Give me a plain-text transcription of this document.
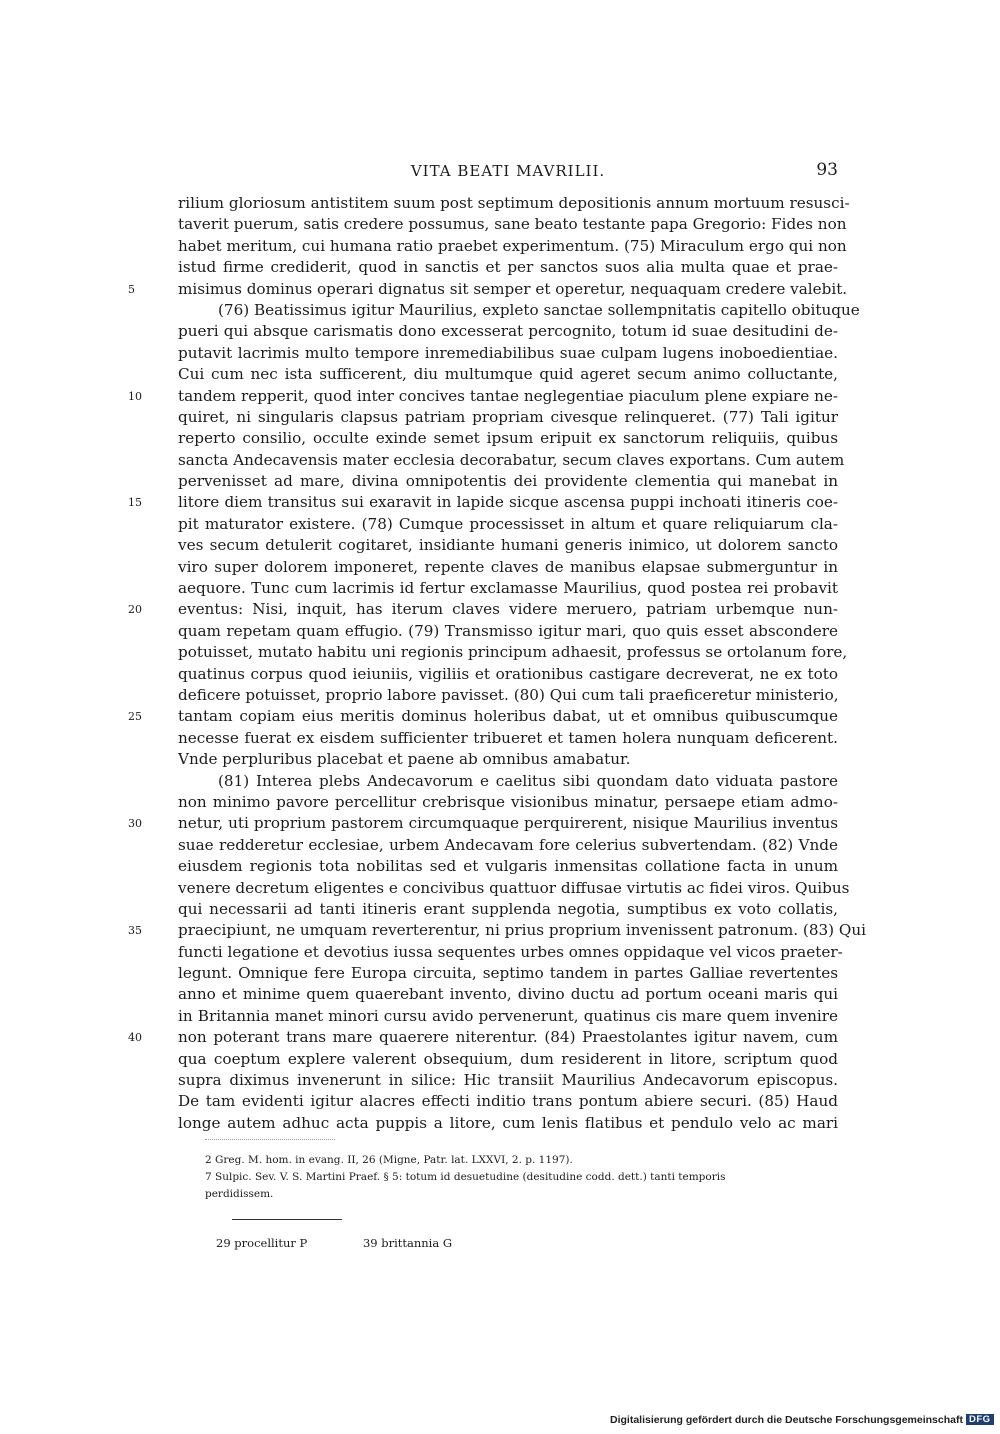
VITA BEATI MAVRILII.	93
rilium gloriosum antistitem suum post septimum depositionis annum mortuum resusci-
taverit puerum, satis credere possumus, sane beato testante papa Gregorio: Fides non
habet meritum, cui humana ratio praebet experimentum. (75) Miraculum ergo qui non
istud firme crediderit, quod in sanctis et per sanctos suos alia multa quae et prae-
5	misimus dominus operari dignatus sit semper et operetur, nequaquam credere valebit.
(76) Beatissimus igitur Maurilius, expleto sanctae sollempnitatis capitello obituque
pueri qui absque carismatis dono excesserat percognito, totum id suae desitudini de-
putavit lacrimis multo tempore inremediabilibus suae culpam lugens inoboedientiae.
Cui cum nec ista sufficerent, diu multumque quid ageret secum animo colluctante,
10	tandem repperit, quod inter concives tantae neglegentiae piaculum plene expiare ne-
quiret, ni singularis clapsus patriam propriam civesque relinqueret. (77) Tali igitur
reperto consilio, occulte exinde semet ipsum eripuit ex sanctorum reliquiis, quibus
sancta Andecavensis mater ecclesia decorabatur, secum claves exportans. Cum autem
pervenisset ad mare, divina omnipotentis dei providente clementia qui manebat in
15	litore diem transitus sui exaravit in lapide sicque ascensa puppi inchoati itineris coe-
pit maturator existere. (78) Cumque processisset in altum et quare reliquiarum cla-
ves secum detulerit cogitaret, insidiante humani generis inimico, ut dolorem sancto
viro super dolorem imponeret, repente claves de manibus elapsae submerguntur in
aequore. Tunc cum lacrimis id fertur exclamasse Maurilius, quod postea rei probavit
20	eventus: Nisi, inquit, has iterum claves videre meruero, patriam urbemque nun-
quam repetam quam effugio. (79) Transmisso igitur mari, quo quis esset abscondere
potuisset, mutato habitu uni regionis principum adhaesit, professus se ortolanum fore,
quatinus corpus quod ieiuniis, vigiliis et orationibus castigare decreverat, ne ex toto
deficere potuisset, proprio labore pavisset. (80) Qui cum tali praeficeretur ministerio,
25	tantam copiam eius meritis dominus holeribus dabat, ut et omnibus quibuscumque
necesse fuerat ex eisdem sufficienter tribueret et tamen holera nunquam deficerent.
Vnde perpluribus placebat et paene ab omnibus amabatur.
(81) Interea plebs Andecavorum e caelitus sibi quondam dato viduata pastore
non minimo pavore percellitur crebrisque visionibus minatur, persaepe etiam admo-
30	netur, uti proprium pastorem circumquaque perquirerent, nisique Maurilius inventus
suae redderetur ecclesiae, urbem Andecavam fore celerius subvertendam. (82) Vnde
eiusdem regionis tota nobilitas sed et vulgaris inmensitas collatione facta in unum
venere decretum eligentes e concivibus quattuor diffusae virtutis ac fidei viros. Quibus
qui necessarii ad tanti itineris erant supplenda negotia, sumptibus ex voto collatis,
35	praecipiunt, ne umquam reverterentur, ni prius proprium invenissent patronum. (83) Qui
functi legatione et devotius iussa sequentes urbes omnes oppidaque vel vicos praeter-
legunt. Omnique fere Europa circuita, septimo tandem in partes Galliae revertentes
anno et minime quem quaerebant invento, divino ductu ad portum oceani maris qui
in Britannia manet minori cursu avido pervenerunt, quatinus cis mare quem invenire
40	non poterant trans mare quaerere niterentur. (84) Praestolantes igitur navem, cum
qua coeptum explere valerent obsequium, dum residerent in litore, scriptum quod
supra diximus invenerunt in silice: Hic transiit Maurilius Andecavorum episcopus.
De tam evidenti igitur alacres effecti inditio trans pontum abiere securi. (85) Haud
longe autem adhuc acta puppis a litore, cum lenis flatibus et pendulo velo ac mari
2 Greg. M. hom. in evang. II, 26 (Migne, Patr. lat. LXXVI, 2. p. 1197).
7 Sulpic. Sev. V. S. Martini Praef. § 5: totum id desuetudine (desitudine codd. dett.) tanti temporis
perdidissem.
29 procellitur P	39 brittannia G
Digitalisierung gefördert durch die Deutsche Forschungsgemeinschaft DFG
